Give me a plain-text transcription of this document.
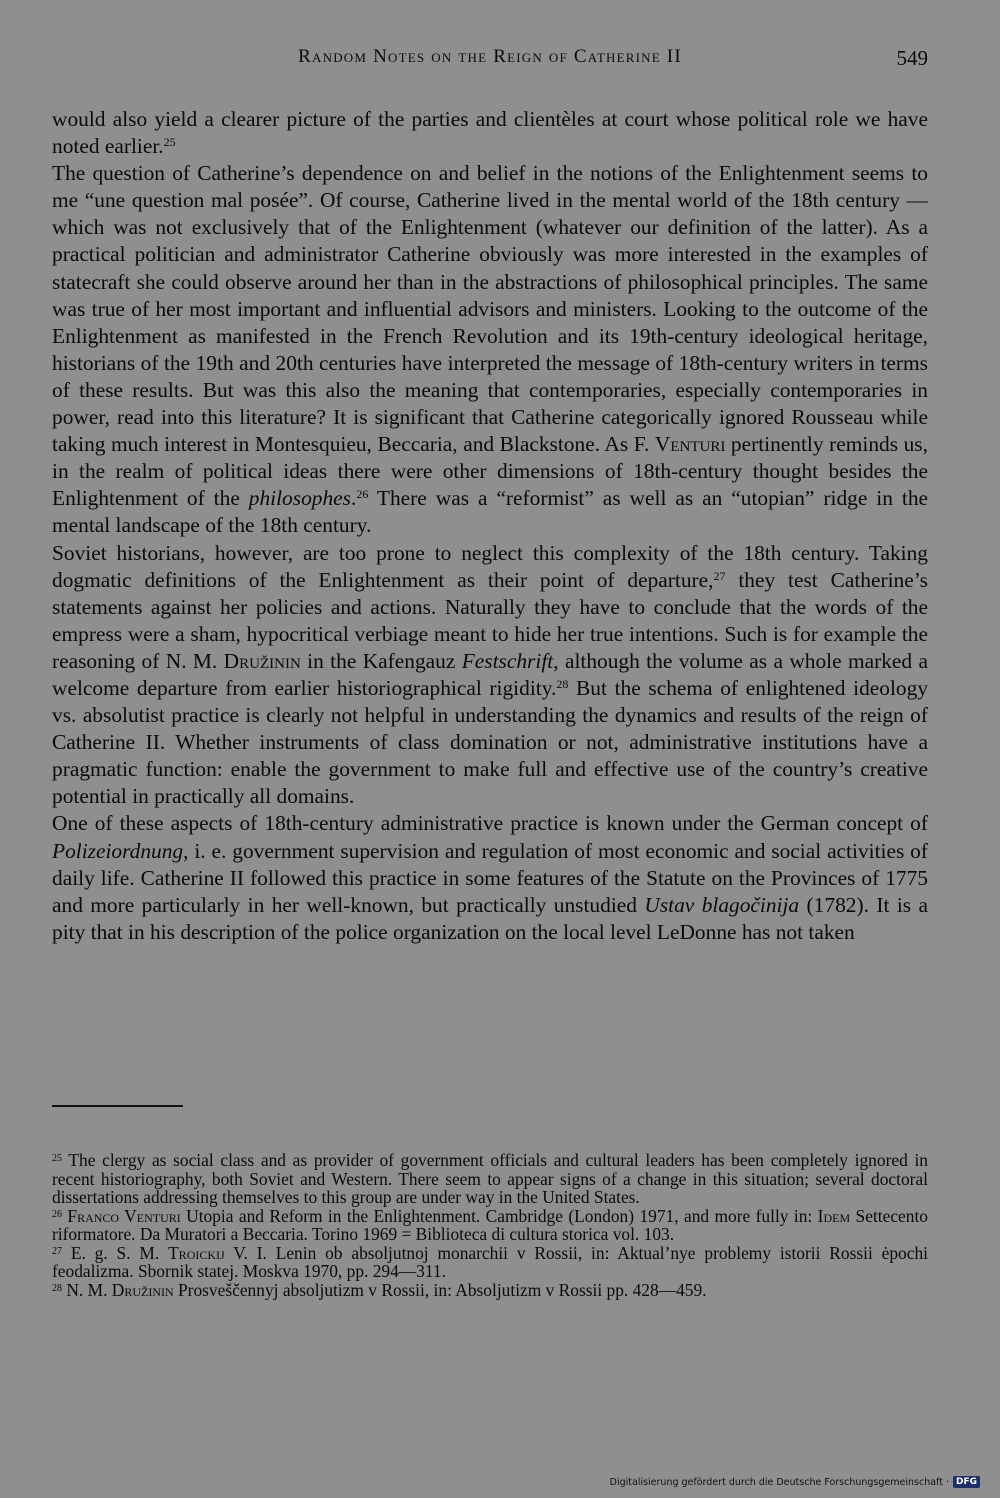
Random Notes on the Reign of Catherine II	549

would also yield a clearer picture of the parties and clientèles at court whose political role we have noted earlier.$^{25}$

The question of Catherine’s dependence on and belief in the notions of the Enlightenment seems to me “une question mal posée”. Of course, Catherine lived in the mental world of the 18th century — which was not exclusively that of the Enlightenment (whatever our definition of the latter). As a practical politician and administrator Catherine obviously was more interested in the examples of statecraft she could observe around her than in the abstractions of philosophical principles. The same was true of her most important and influential advisors and ministers. Looking to the outcome of the Enlightenment as manifested in the French Revolution and its 19th-century ideological heritage, historians of the 19th and 20th centuries have interpreted the message of 18th-century writers in terms of these results. But was this also the meaning that contemporaries, especially contemporaries in power, read into this literature? It is significant that Catherine categorically ignored Rousseau while taking much interest in Montesquieu, Beccaria, and Blackstone. As F. Venturi pertinently reminds us, in the realm of political ideas there were other dimensions of 18th-century thought besides the Enlightenment of the philosophes.$^{26}$ There was a “reformist” as well as an “utopian” ridge in the mental landscape of the 18th century.

Soviet historians, however, are too prone to neglect this complexity of the 18th century. Taking dogmatic definitions of the Enlightenment as their point of departure,$^{27}$ they test Catherine’s statements against her policies and actions. Naturally they have to conclude that the words of the empress were a sham, hypocritical verbiage meant to hide her true intentions. Such is for example the reasoning of N. M. Družinin in the Kafengauz Festschrift, although the volume as a whole marked a welcome departure from earlier historiographical rigidity.$^{28}$ But the schema of enlightened ideology vs. absolutist practice is clearly not helpful in understanding the dynamics and results of the reign of Catherine II. Whether instruments of class domination or not, administrative institutions have a pragmatic function: enable the government to make full and effective use of the country’s creative potential in practically all domains.

One of these aspects of 18th-century administrative practice is known under the German concept of Polizeiordnung, i. e. government supervision and regulation of most economic and social activities of daily life. Catherine II followed this practice in some features of the Statute on the Provinces of 1775 and more particularly in her well-known, but practically unstudied Ustav blagočinija (1782). It is a pity that in his description of the police organization on the local level LeDonne has not taken

$^{25}$ The clergy as social class and as provider of government officials and cultural leaders has been completely ignored in recent historiography, both Soviet and Western. There seem to appear signs of a change in this situation; several doctoral dissertations addressing themselves to this group are under way in the United States.

$^{26}$ Franco Venturi Utopia and Reform in the Enlightenment. Cambridge (London) 1971, and more fully in: Idem Settecento riformatore. Da Muratori a Beccaria. Torino 1969 = Biblioteca di cultura storica vol. 103.

$^{27}$ E. g. S. M. Troickij V. I. Lenin ob absoljutnoj monarchii v Rossii, in: Aktual’nye problemy istorii Rossii ėpochi feodalizma. Sbornik statej. Moskva 1970, pp. 294—311.

$^{28}$ N. M. Družinin Prosveščennyj absoljutizm v Rossii, in: Absoljutizm v Rossii pp. 428—459.

Digitalisierung gefördert durch die Deutsche Forschungsgemeinschaft · DFG
